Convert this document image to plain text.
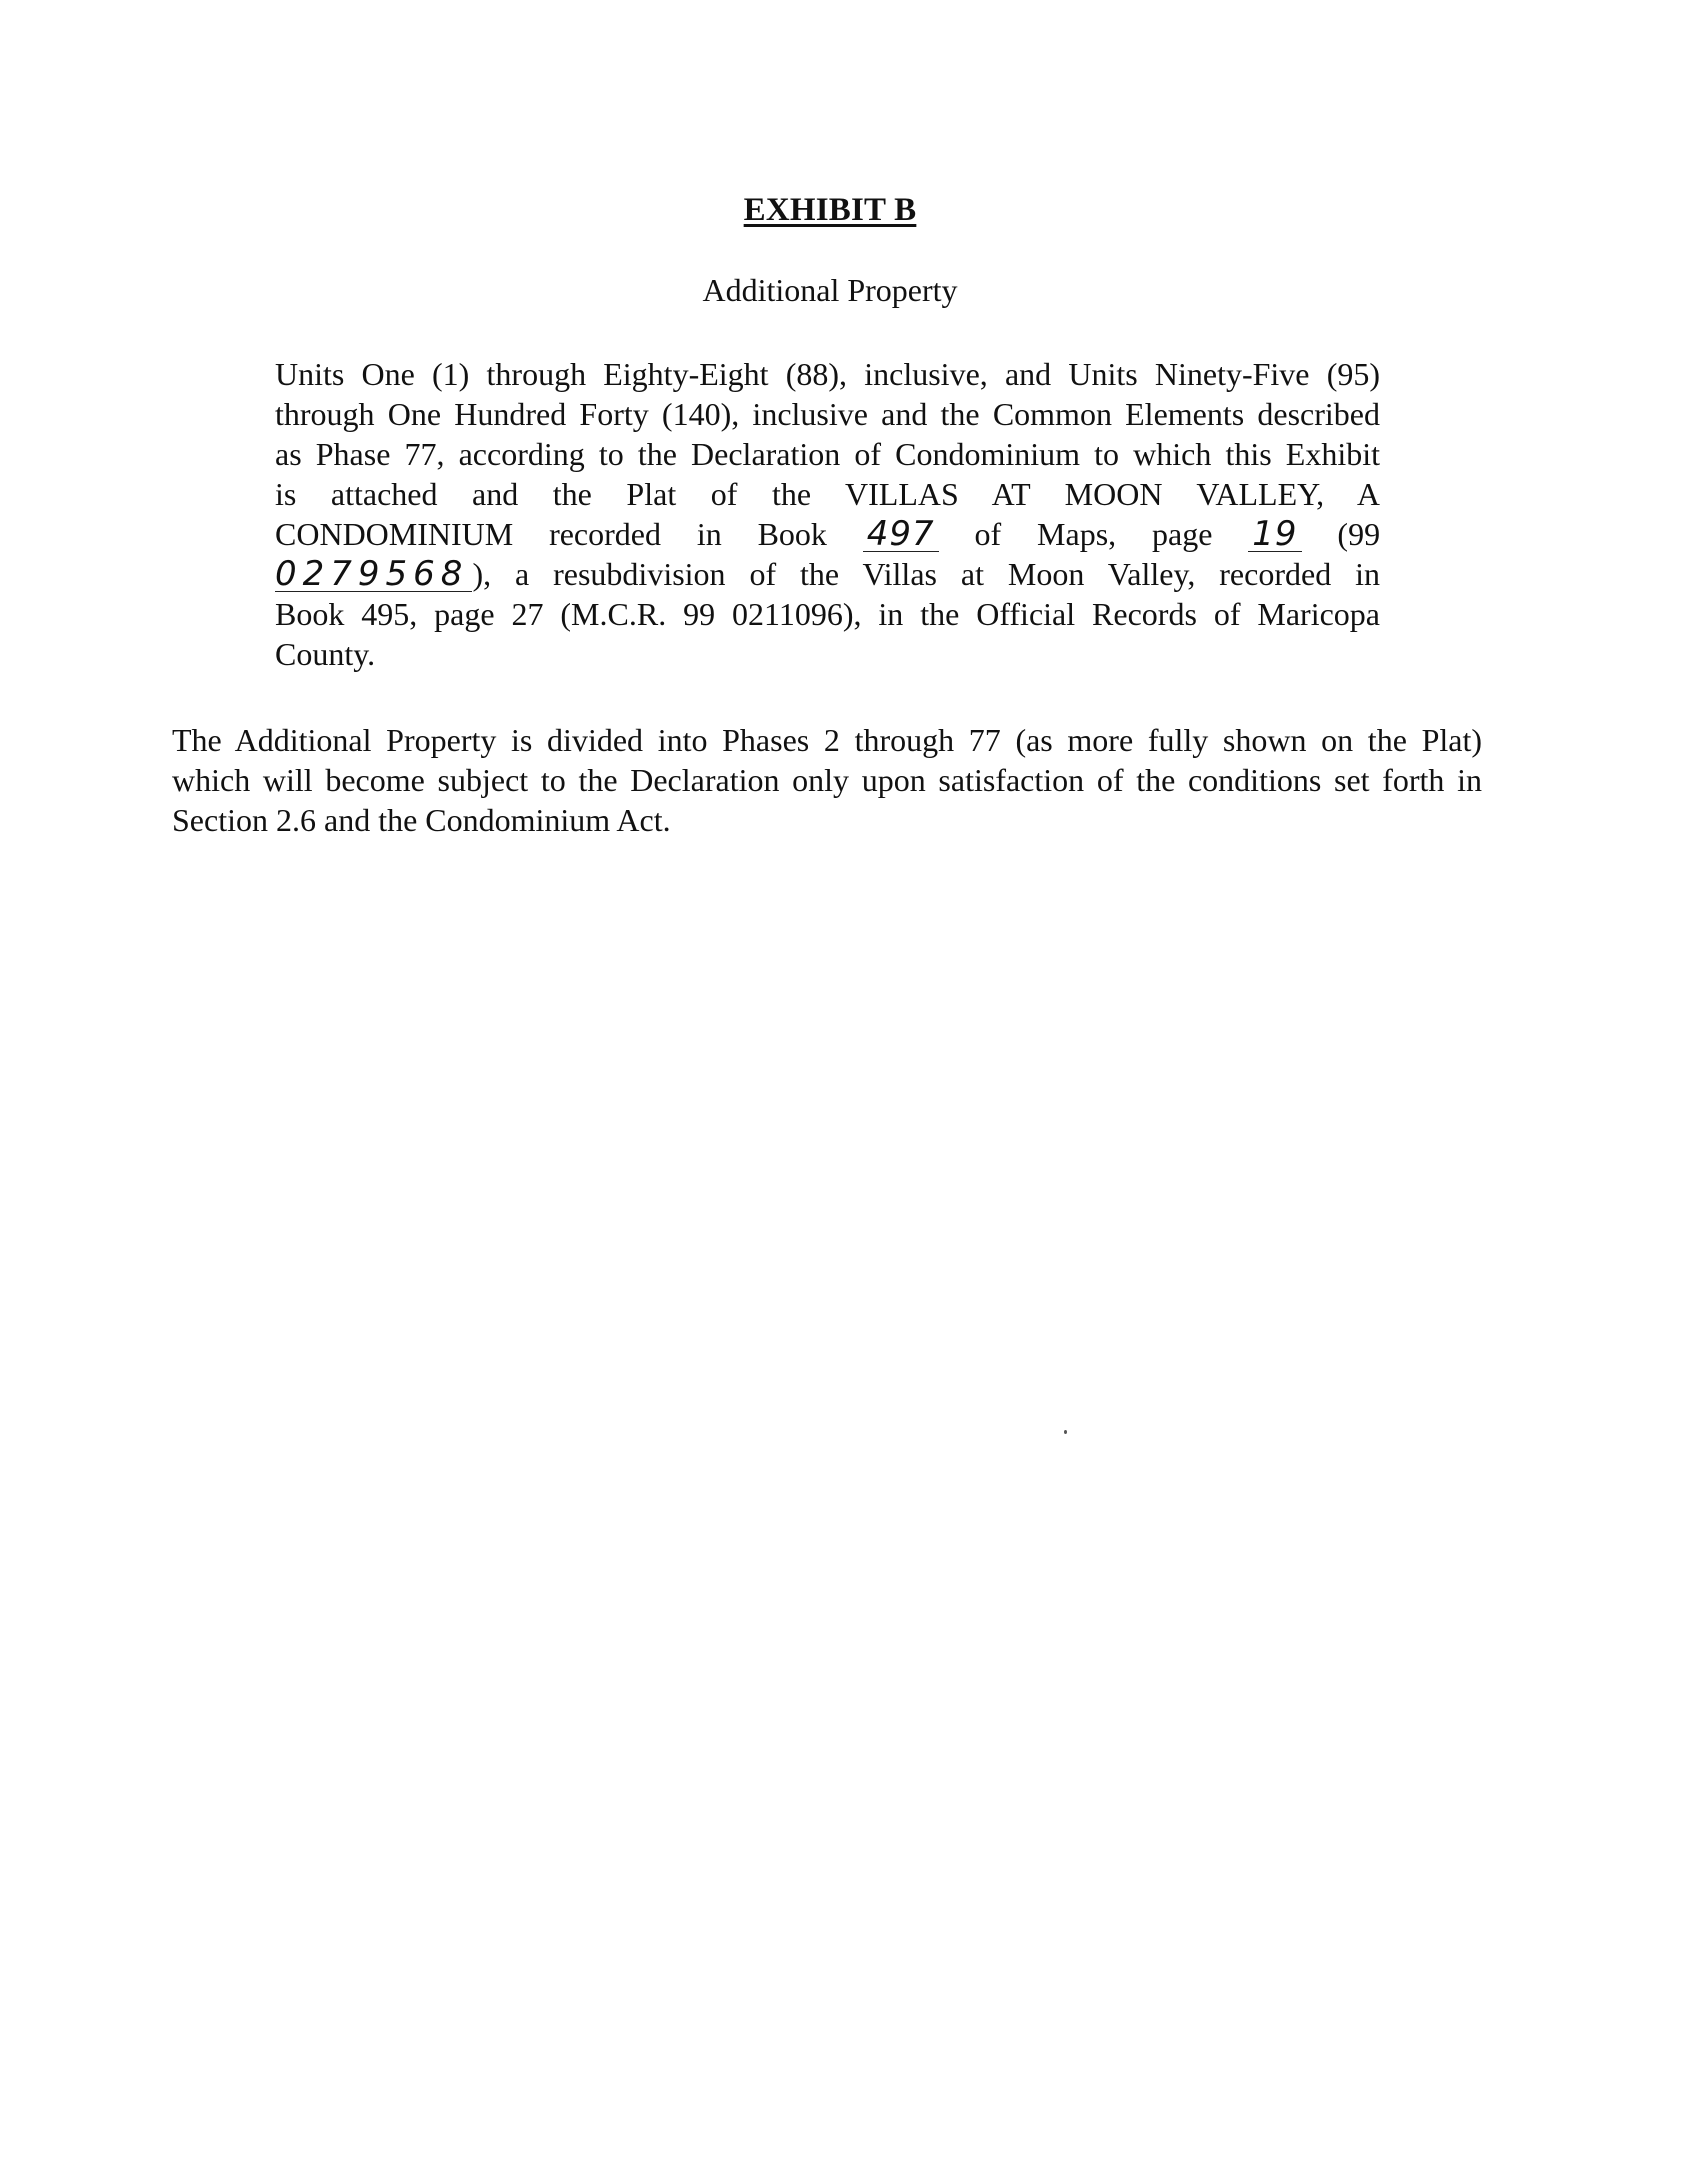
EXHIBIT B
Additional Property
Units One (1) through Eighty-Eight (88), inclusive, and Units Ninety-Five (95)
through One Hundred Forty (140), inclusive and the Common Elements described
as Phase 77, according to the Declaration of Condominium to which this Exhibit
is attached and the Plat of the VILLAS AT MOON VALLEY, A
CONDOMINIUM recorded in Book 497 of Maps, page 19 (99
0279568 ), a resubdivision of the Villas at Moon Valley, recorded in
Book 495, page 27 (M.C.R. 99 0211096), in the Official Records of Maricopa
County.
The Additional Property is divided into Phases 2 through 77 (as more fully shown on the Plat)
which will become subject to the Declaration only upon satisfaction of the conditions set forth in
Section 2.6 and the Condominium Act.
